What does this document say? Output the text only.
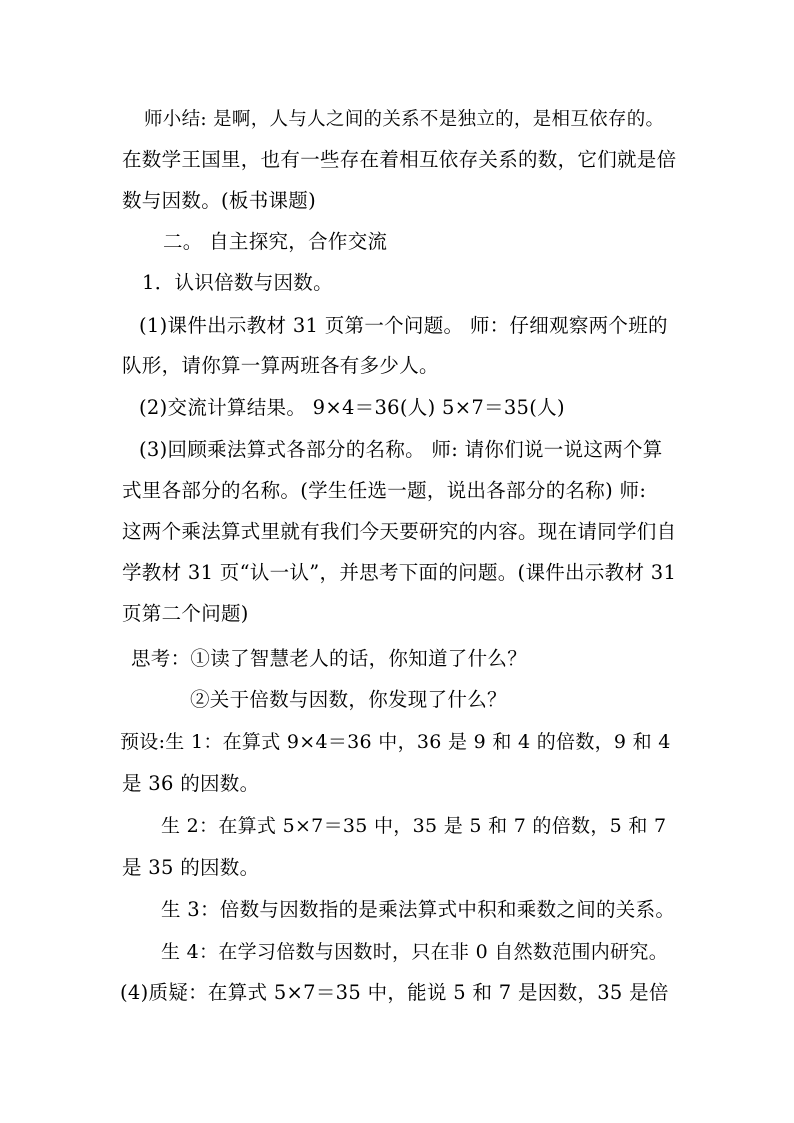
师小结: 是啊，人与人之间的关系不是独立的，是相互依存的。
在数学王国里，也有一些存在着相互依存关系的数，它们就是倍
数与因数。(板书课题)
二。 自主探究，合作交流
1．认识倍数与因数。
(1)课件出示教材 31 页第一个问题。 师：仔细观察两个班的
队形，请你算一算两班各有多少人。
(2)交流计算结果。 9×4＝36(人) 5×7＝35(人)
(3)回顾乘法算式各部分的名称。 师: 请你们说一说这两个算
式里各部分的名称。(学生任选一题，说出各部分的名称) 师:
这两个乘法算式里就有我们今天要研究的内容。现在请同学们自
学教材 31 页“认一认”，并思考下面的问题。(课件出示教材 31
页第二个问题)
思考：①读了智慧老人的话，你知道了什么？
②关于倍数与因数，你发现了什么？
预设:生 1：在算式 9×4＝36 中，36 是 9 和 4 的倍数，9 和 4
是 36 的因数。
生 2：在算式 5×7＝35 中，35 是 5 和 7 的倍数，5 和 7
是 35 的因数。
生 3：倍数与因数指的是乘法算式中积和乘数之间的关系。
生 4：在学习倍数与因数时，只在非 0 自然数范围内研究。
(4)质疑：在算式 5×7＝35 中，能说 5 和 7 是因数，35 是倍
